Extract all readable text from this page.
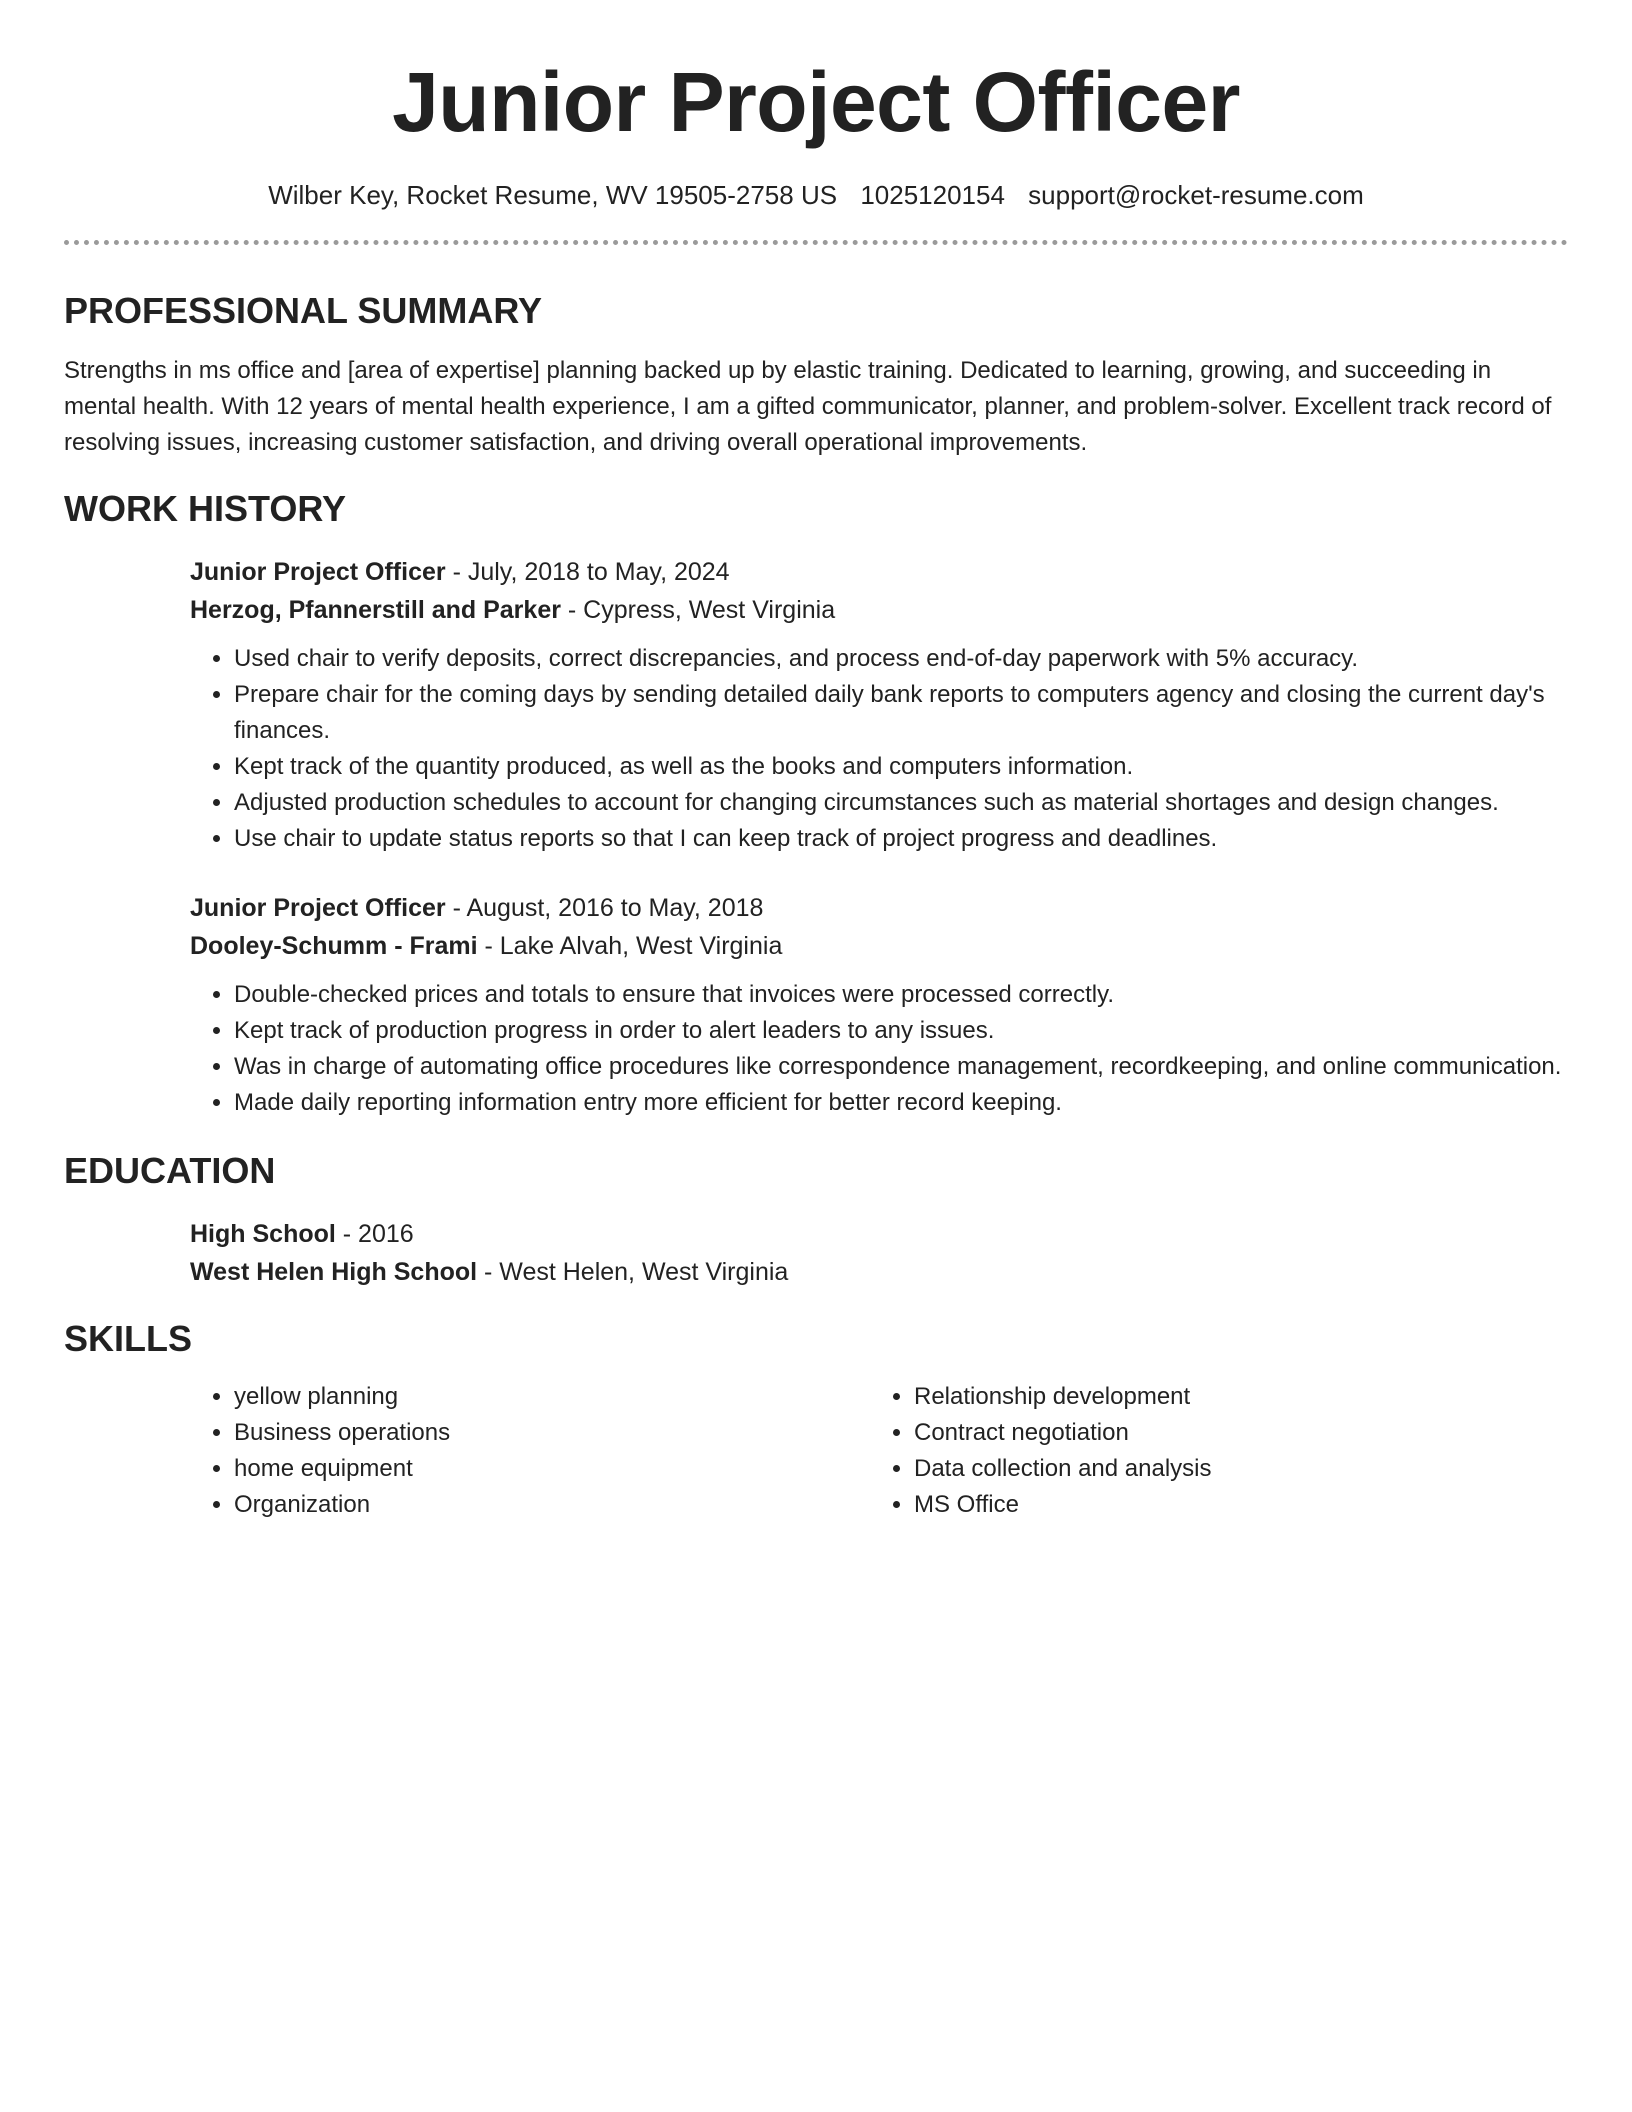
Junior Project Officer
Wilber Key, Rocket Resume, WV 19505-2758 US 1025120154 support@rocket-resume.com
PROFESSIONAL SUMMARY

Strengths in ms office and [area of expertise] planning backed up by elastic training. Dedicated to learning, growing, and succeeding in mental health. With 12 years of mental health experience, I am a gifted communicator, planner, and problem-solver. Excellent track record of resolving issues, increasing customer satisfaction, and driving overall operational improvements.

WORK HISTORY
Junior Project Officer - July, 2018 to May, 2024
Herzog, Pfannerstill and Parker - Cypress, West Virginia
• Used chair to verify deposits, correct discrepancies, and process end-of-day paperwork with 5% accuracy.
• Prepare chair for the coming days by sending detailed daily bank reports to computers agency and closing the current day's finances.
• Kept track of the quantity produced, as well as the books and computers information.
• Adjusted production schedules to account for changing circumstances such as material shortages and design changes.
• Use chair to update status reports so that I can keep track of project progress and deadlines.
Junior Project Officer - August, 2016 to May, 2018
Dooley-Schumm - Frami - Lake Alvah, West Virginia
• Double-checked prices and totals to ensure that invoices were processed correctly.
• Kept track of production progress in order to alert leaders to any issues.
• Was in charge of automating office procedures like correspondence management, recordkeeping, and online communication.
• Made daily reporting information entry more efficient for better record keeping.
EDUCATION
High School - 2016
West Helen High School - West Helen, West Virginia
SKILLS
• yellow planning
• Business operations
• home equipment
• Organization
• Relationship development
• Contract negotiation
• Data collection and analysis
• MS Office
